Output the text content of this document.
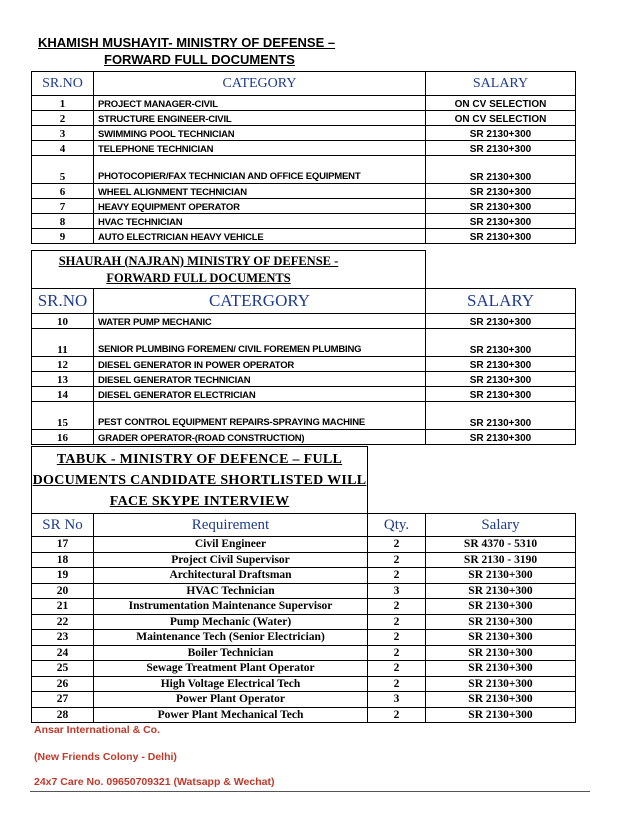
KHAMISH MUSHAYIT- MINISTRY OF DEFENSE –
FORWARD FULL DOCUMENTS
SR.NO	CATEGORY	SALARY
1	PROJECT MANAGER-CIVIL	ON CV SELECTION
2	STRUCTURE ENGINEER-CIVIL	ON CV SELECTION
3	SWIMMING POOL TECHNICIAN	SR 2130+300
4	TELEPHONE TECHNICIAN	SR 2130+300
5	PHOTOCOPIER/FAX TECHNICIAN AND OFFICE EQUIPMENT	SR 2130+300
6	WHEEL ALIGNMENT TECHNICIAN	SR 2130+300
7	HEAVY EQUIPMENT OPERATOR	SR 2130+300
8	HVAC TECHNICIAN	SR 2130+300
9	AUTO ELECTRICIAN HEAVY VEHICLE	SR 2130+300
SHAURAH (NAJRAN) MINISTRY OF DEFENSE -
FORWARD FULL DOCUMENTS		

SR.NO	CATERGORY	SALARY
10	WATER PUMP MECHANIC	SR 2130+300
11	SENIOR PLUMBING FOREMEN/ CIVIL FOREMEN PLUMBING	SR 2130+300
12	DIESEL GENERATOR IN POWER OPERATOR	SR 2130+300
13	DIESEL GENERATOR TECHNICIAN	SR 2130+300
14	DIESEL GENERATOR ELECTRICIAN	SR 2130+300
15	PEST CONTROL EQUIPMENT REPAIRS-SPRAYING MACHINE	SR 2130+300
16	GRADER OPERATOR-(ROAD CONSTRUCTION)	SR 2130+300
TABUK - MINISTRY OF DEFENCE – FULL
DOCUMENTS CANDIDATE SHORTLISTED WILL
FACE SKYPE INTERVIEW			

SR No	Requirement	Qty.	Salary
17	Civil Engineer	2	SR 4370 - 5310
18	Project Civil Supervisor	2	SR 2130 - 3190
19	Architectural Draftsman	2	SR 2130+300
20	HVAC Technician	3	SR 2130+300
21	Instrumentation Maintenance Supervisor	2	SR 2130+300
22	Pump Mechanic (Water)	2	SR 2130+300
23	Maintenance Tech (Senior Electrician)	2	SR 2130+300
24	Boiler Technician	2	SR 2130+300
25	Sewage Treatment Plant Operator	2	SR 2130+300
26	High Voltage Electrical Tech	2	SR 2130+300
27	Power Plant Operator	3	SR 2130+300
28	Power Plant Mechanical Tech	2	SR 2130+300
Ansar International & Co.
(New Friends Colony - Delhi)
24x7 Care No. 09650709321 (Watsapp & Wechat)
